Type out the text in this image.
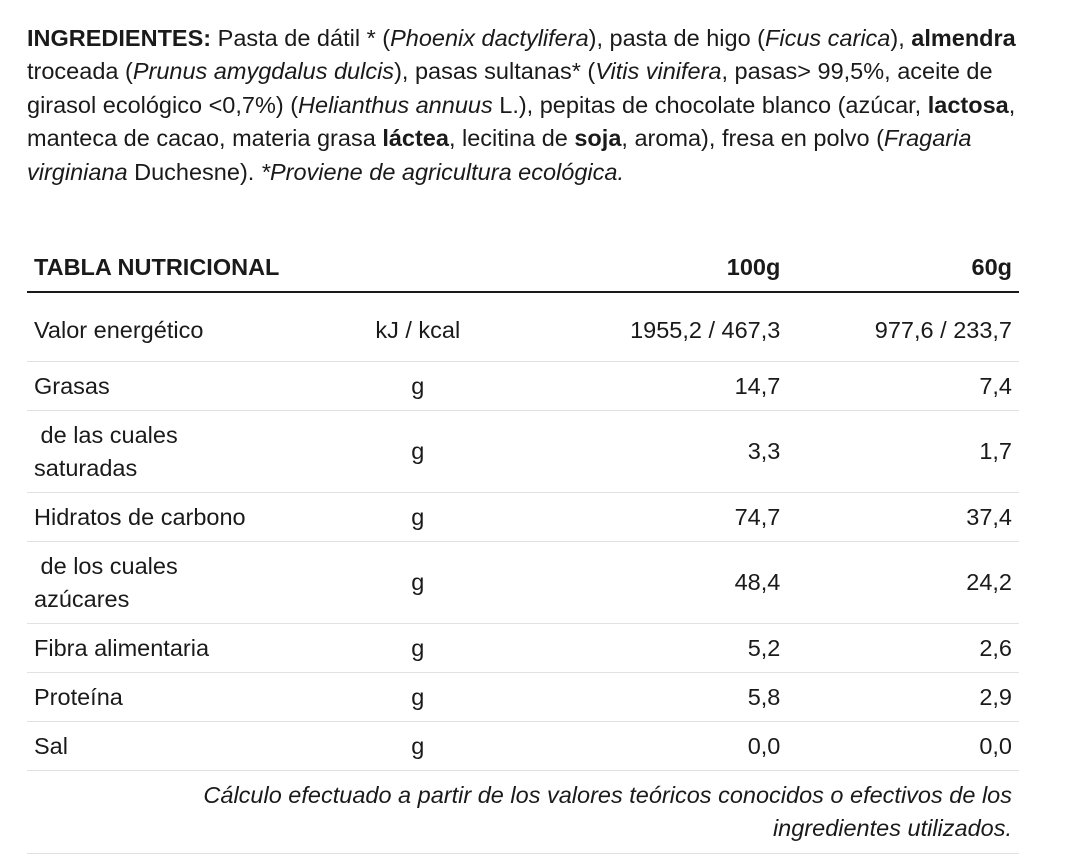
INGREDIENTES: Pasta de dátil * (Phoenix dactylifera), pasta de higo (Ficus carica), almendra troceada (Prunus amygdalus dulcis), pasas sultanas* (Vitis vinifera, pasas> 99,5%, aceite de girasol ecológico <0,7%) (Helianthus annuus L.), pepitas de chocolate blanco (azúcar, lactosa, manteca de cacao, materia grasa láctea, lecitina de soja, aroma), fresa en polvo (Fragaria virginiana Duchesne). *Proviene de agricultura ecológica.

TABLA NUTRICIONAL		100g	60g
Valor energético	kJ / kcal	1955,2 / 467,3	977,6 / 233,7
Grasas	g	14,7	7,4
de las cuales
saturadas	g	3,3	1,7
Hidratos de carbono	g	74,7	37,4
de los cuales
azúcares	g	48,4	24,2
Fibra alimentaria	g	5,2	2,6
Proteína	g	5,8	2,9
Sal	g	0,0	0,0
Cálculo efectuado a partir de los valores teóricos conocidos o efectivos de los
ingredientes utilizados.			
